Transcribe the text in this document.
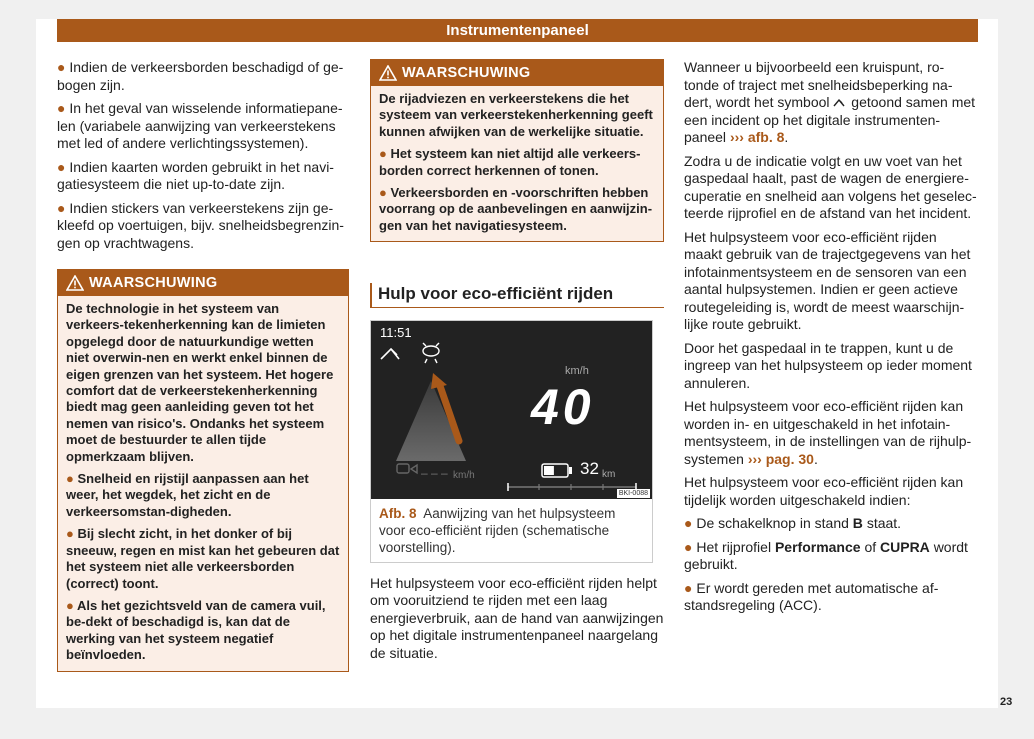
Instrumentenpaneel

● Indien de verkeersborden beschadigd of ge-bogen zijn.

● In het geval van wisselende informatiepane-len (variabele aanwijzing van verkeerstekens met led of andere verlichtingssystemen).

● Indien kaarten worden gebruikt in het navi-gatiesysteem die niet up-to-date zijn.

● Indien stickers van verkeerstekens zijn ge-kleefd op voertuigen, bijv. snelheidsbegrenzin-gen op vrachtwagens.

WAARSCHUWING

De technologie in het systeem van verkeers-tekenherkenning kan de limieten opgelegd door de natuurkundige wetten niet overwin-nen en werkt enkel binnen de eigen grenzen van het systeem. Het hogere comfort dat de verkeerstekenherkenning biedt mag geen aanleiding geven tot het nemen van risico's. Ondanks het systeem moet de bestuurder te allen tijde opmerkzaam blijven.

● Snelheid en rijstijl aanpassen aan het weer, het wegdek, het zicht en de verkeersomstan-digheden.

● Bij slecht zicht, in het donker of bij sneeuw, regen en mist kan het gebeuren dat het systeem niet alle verkeersborden (correct) toont.

● Als het gezichtsveld van de camera vuil, be-dekt of beschadigd is, kan dat de werking van het systeem negatief beïnvloeden.

WAARSCHUWING

De rijadviezen en verkeerstekens die het systeem van verkeerstekenherkenning geeft kunnen afwijken van de werkelijke situatie.

● Het systeem kan niet altijd alle verkeers-borden correct herkennen of tonen.

● Verkeersborden en -voorschriften hebben voorrang op de aanbevelingen en aanwijzin-gen van het navigatiesysteem.

Hulp voor eco-efficiënt rijden
11:51
km/h
40
– – – km/h	32 km
BKI-0088
Afb. 8 Aanwijzing van het hulpsysteem voor eco-efficiënt rijden (schematische voorstelling).

Het hulpsysteem voor eco-efficiënt rijden helpt om vooruitziend te rijden met een laag energieverbruik, aan de hand van aanwijzingen op het digitale instrumentenpaneel naargelang de situatie.

Wanneer u bijvoorbeeld een kruispunt, ro-tonde of traject met snelheidsbeperking na-dert, wordt het symbool getoond samen met een incident op het digitale instrumenten-paneel ››› afb. 8.

Zodra u de indicatie volgt en uw voet van het gaspedaal haalt, past de wagen de energiere-cuperatie en snelheid aan volgens het geselec-teerde rijprofiel en de afstand van het incident.

Het hulpsysteem voor eco-efficiënt rijden maakt gebruik van de trajectgegevens van het infotainmentsysteem en de sensoren van een aantal hulpsystemen. Indien er geen actieve routegeleiding is, wordt de meest waarschijn-lijke route gebruikt.

Door het gaspedaal in te trappen, kunt u de ingreep van het hulpsysteem op ieder moment annuleren.

Het hulpsysteem voor eco-efficiënt rijden kan worden in- en uitgeschakeld in het infotain-mentsysteem, in de instellingen van de rijhulp-systemen ››› pag. 30.

Het hulpsysteem voor eco-efficiënt rijden kan tijdelijk worden uitgeschakeld indien:

● De schakelknop in stand B staat.

● Het rijprofiel Performance of CUPRA wordt gebruikt.

● Er wordt gereden met automatische af-standsregeling (ACC).

23
